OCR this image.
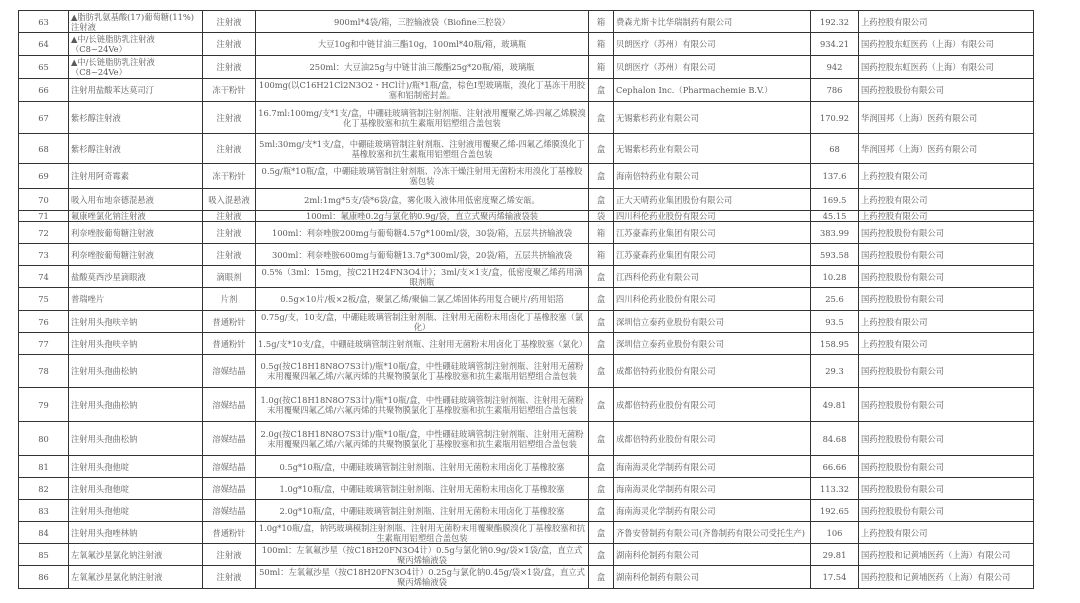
63	▲脂肪乳氨基酸(17)葡萄糖(11%)注射液	注射液	900ml*4袋/箱，三腔输液袋（Biofine三腔袋）	箱	费森尤斯卡比华瑞制药有限公司	192.32	上药控股有限公司
64	▲中/长链脂肪乳注射液（C8~24Ve）	注射液	大豆10g和中链甘油三酯10g，100ml*40瓶/箱，玻璃瓶	箱	贝朗医疗（苏州）有限公司	934.21	国药控股东虹医药（上海）有限公司
65	▲中/长链脂肪乳注射液（C8~24Ve）	注射液	250ml：大豆油25g与中链甘油三酸酯25g*20瓶/箱，玻璃瓶	箱	贝朗医疗（苏州）有限公司	942	国药控股东虹医药（上海）有限公司
66	注射用盐酸苯达莫司汀	冻干粉针	100mg(以C16H21Cl2N3O2・HCl计)/瓶*1瓶/盒，棕色Ⅰ型玻璃瓶，溴化丁基冻干用胶塞和铝制密封盖。	盒	Cephalon Inc.（Pharmachemie B.V.）	786	国药控股股份有限公司
67	紫杉醇注射液	注射液	16.7ml:100mg/支*1支/盒，中硼硅玻璃管制注射剂瓶、注射液用覆聚乙烯-四氟乙烯膜溴化丁基橡胶塞和抗生素瓶用铝塑组合盖包装	盒	无锡紫杉药业有限公司	170.92	华润国邦（上海）医药有限公司
68	紫杉醇注射液	注射液	5ml:30mg/支*1支/盒，中硼硅玻璃管制注射剂瓶、注射液用覆聚乙烯-四氟乙烯膜溴化丁基橡胶塞和抗生素瓶用铝塑组合盖包装	盒	无锡紫杉药业有限公司	68	华润国邦（上海）医药有限公司
69	注射用阿奇霉素	冻干粉针	0.5g/瓶*10瓶/盒，中硼硅玻璃管制注射剂瓶、冷冻干燥注射用无菌粉末用溴化丁基橡胶塞包装	盒	海南倍特药业有限公司	137.6	上药控股有限公司
70	吸入用布地奈德混悬液	吸入混悬液	2ml:1mg*5支/袋*6袋/盒，雾化吸入液体用低密度聚乙烯安瓿。	盒	正大天晴药业集团股份有限公司	169.5	上药控股有限公司
71	氟康唑氯化钠注射液	注射液	100ml：氟康唑0.2g与氯化钠0.9g/袋，直立式聚丙烯输液袋装	袋	四川科伦药业股份有限公司	45.15	上药控股有限公司
72	利奈唑胺葡萄糖注射液	注射液	100ml：利奈唑胺200mg与葡萄糖4.57g*100ml/袋，30袋/箱，五层共挤输液袋	箱	江苏豪森药业集团有限公司	383.99	国药控股股份有限公司
73	利奈唑胺葡萄糖注射液	注射液	300ml：利奈唑胺600mg与葡萄糖13.7g*300ml/袋，20袋/箱，五层共挤输液袋	箱	江苏豪森药业集团有限公司	593.58	国药控股股份有限公司
74	盐酸莫西沙星滴眼液	滴眼剂	0.5%（3ml：15mg，按C21H24FN3O4计）；3ml/支×1支/盒，低密度聚乙烯药用滴眼剂瓶	盒	江西科伦药业有限公司	10.28	国药控股股份有限公司
75	普瑞唑片	片剂	0.5g×10片/板×2板/盒，聚氯乙烯/聚偏二氯乙烯固体药用复合硬片/药用铝箔	盒	四川科伦药业股份有限公司	25.6	国药控股股份有限公司
76	注射用头孢呋辛钠	普通粉针	0.75g/支，10支/盒，中硼硅玻璃管制注射剂瓶、注射用无菌粉末用卤化丁基橡胶塞（氯化）	盒	深圳信立泰药业股份有限公司	93.5	上药控股有限公司
77	注射用头孢呋辛钠	普通粉针	1.5g/支*10支/盒，中硼硅玻璃管制注射剂瓶、注射用无菌粉末用卤化丁基橡胶塞（氯化）	盒	深圳信立泰药业股份有限公司	158.95	上药控股有限公司
78	注射用头孢曲松钠	溶媒结晶	0.5g(按C18H18N8O7S3计)/瓶*10瓶/盒，中性硼硅玻璃管制注射剂瓶、注射用无菌粉末用覆聚四氟乙烯/六氟丙烯的共聚物膜氯化丁基橡胶塞和抗生素瓶用铝塑组合盖包装	盒	成都倍特药业股份有限公司	29.3	国药控股股份有限公司
79	注射用头孢曲松钠	溶媒结晶	1.0g(按C18H18N8O7S3计)/瓶*10瓶/盒，中性硼硅玻璃管制注射剂瓶、注射用无菌粉末用覆聚四氟乙烯/六氟丙烯的共聚物膜氯化丁基橡胶塞和抗生素瓶用铝塑组合盖包装	盒	成都倍特药业股份有限公司	49.81	国药控股股份有限公司
80	注射用头孢曲松钠	溶媒结晶	2.0g(按C18H18N8O7S3计)/瓶*10瓶/盒，中性硼硅玻璃管制注射剂瓶、注射用无菌粉末用覆聚四氟乙烯/六氟丙烯的共聚物膜氯化丁基橡胶塞和抗生素瓶用铝塑组合盖包装	盒	成都倍特药业股份有限公司	84.68	国药控股股份有限公司
81	注射用头孢他啶	溶媒结晶	0.5g*10瓶/盒，中硼硅玻璃管制注射剂瓶、注射用无菌粉末用卤化丁基橡胶塞	盒	海南海灵化学制药有限公司	66.66	国药控股股份有限公司
82	注射用头孢他啶	溶媒结晶	1.0g*10瓶/盒，中硼硅玻璃管制注射剂瓶、注射用无菌粉末用卤化丁基橡胶塞	盒	海南海灵化学制药有限公司	113.32	国药控股股份有限公司
83	注射用头孢他啶	溶媒结晶	2.0g*10瓶/盒，中硼硅玻璃管制注射剂瓶、注射用无菌粉末用卤化丁基橡胶塞	盒	海南海灵化学制药有限公司	192.65	国药控股股份有限公司
84	注射用头孢唑林钠	普通粉针	1.0g*10瓶/盒，钠钙玻璃模制注射剂瓶、注射用无菌粉末用覆聚酯膜溴化丁基橡胶塞和抗生素瓶用铝塑组合盖包装	盒	齐鲁安替制药有限公司(齐鲁制药有限公司受托生产)	106	上药控股有限公司
85	左氧氟沙星氯化钠注射液	注射液	100ml：左氧氟沙星（按C18H20FN3O4计）0.5g与氯化钠0.9g/袋×1袋/盒，直立式聚丙烯输液袋	盒	湖南科伦制药有限公司	29.81	国药控股和记黄埔医药（上海）有限公司
86	左氧氟沙星氯化钠注射液	注射液	50ml：左氧氟沙星（按C18H20FN3O4计）0.25g与氯化钠0.45g/袋×1袋/盒，直立式聚丙烯输液袋	盒	湖南科伦制药有限公司	17.54	国药控股和记黄埔医药（上海）有限公司
